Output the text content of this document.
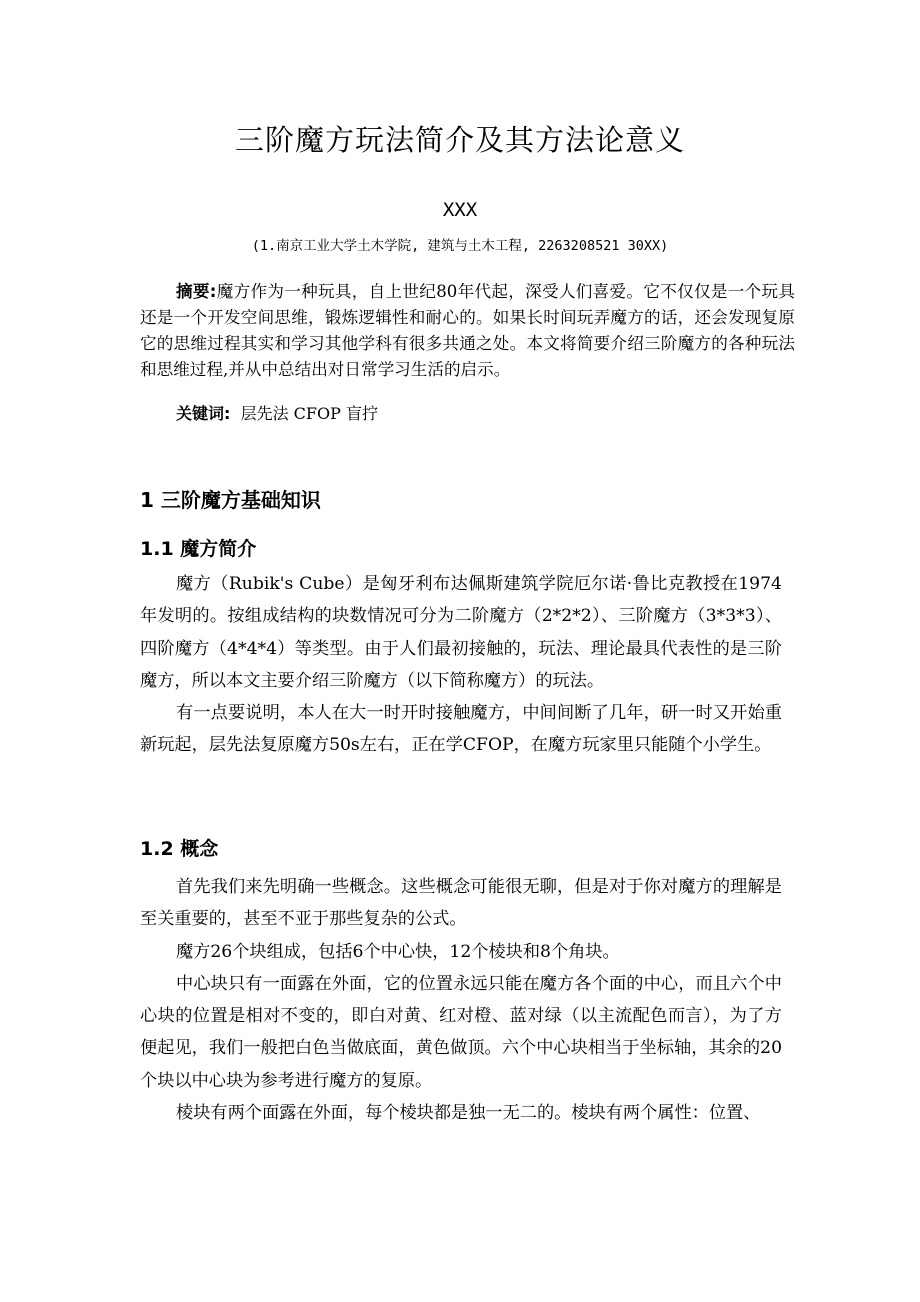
三阶魔方玩法简介及其方法论意义
XXX
(1.南京工业大学土木学院, 建筑与土木工程, 2263208521 30XX)

摘要:魔方作为一种玩具，自上世纪80年代起，深受人们喜爱。它不仅仅是一个玩具还是一个开发空间思维，锻炼逻辑性和耐心的。如果长时间玩弄魔方的话，还会发现复原它的思维过程其实和学习其他学科有很多共通之处。本文将简要介绍三阶魔方的各种玩法和思维过程,并从中总结出对日常学习生活的启示。

关键词: 层先法 CFOP 盲拧

1 三阶魔方基础知识
1.1 魔方简介

魔方（Rubik's Cube）是匈牙利布达佩斯建筑学院厄尔诺·鲁比克教授在1974年发明的。按组成结构的块数情况可分为二阶魔方（2*2*2）、三阶魔方（3*3*3）、四阶魔方（4*4*4）等类型。由于人们最初接触的，玩法、理论最具代表性的是三阶魔方，所以本文主要介绍三阶魔方（以下简称魔方）的玩法。

有一点要说明，本人在大一时开时接触魔方，中间间断了几年，研一时又开始重新玩起，层先法复原魔方50s左右，正在学CFOP，在魔方玩家里只能随个小学生。

1.2 概念

首先我们来先明确一些概念。这些概念可能很无聊，但是对于你对魔方的理解是至关重要的，甚至不亚于那些复杂的公式。

魔方26个块组成，包括6个中心快，12个棱块和8个角块。

中心块只有一面露在外面，它的位置永远只能在魔方各个面的中心，而且六个中心块的位置是相对不变的，即白对黄、红对橙、蓝对绿（以主流配色而言），为了方便起见，我们一般把白色当做底面，黄色做顶。六个中心块相当于坐标轴，其余的20个块以中心块为参考进行魔方的复原。

棱块有两个面露在外面，每个棱块都是独一无二的。棱块有两个属性：位置、
